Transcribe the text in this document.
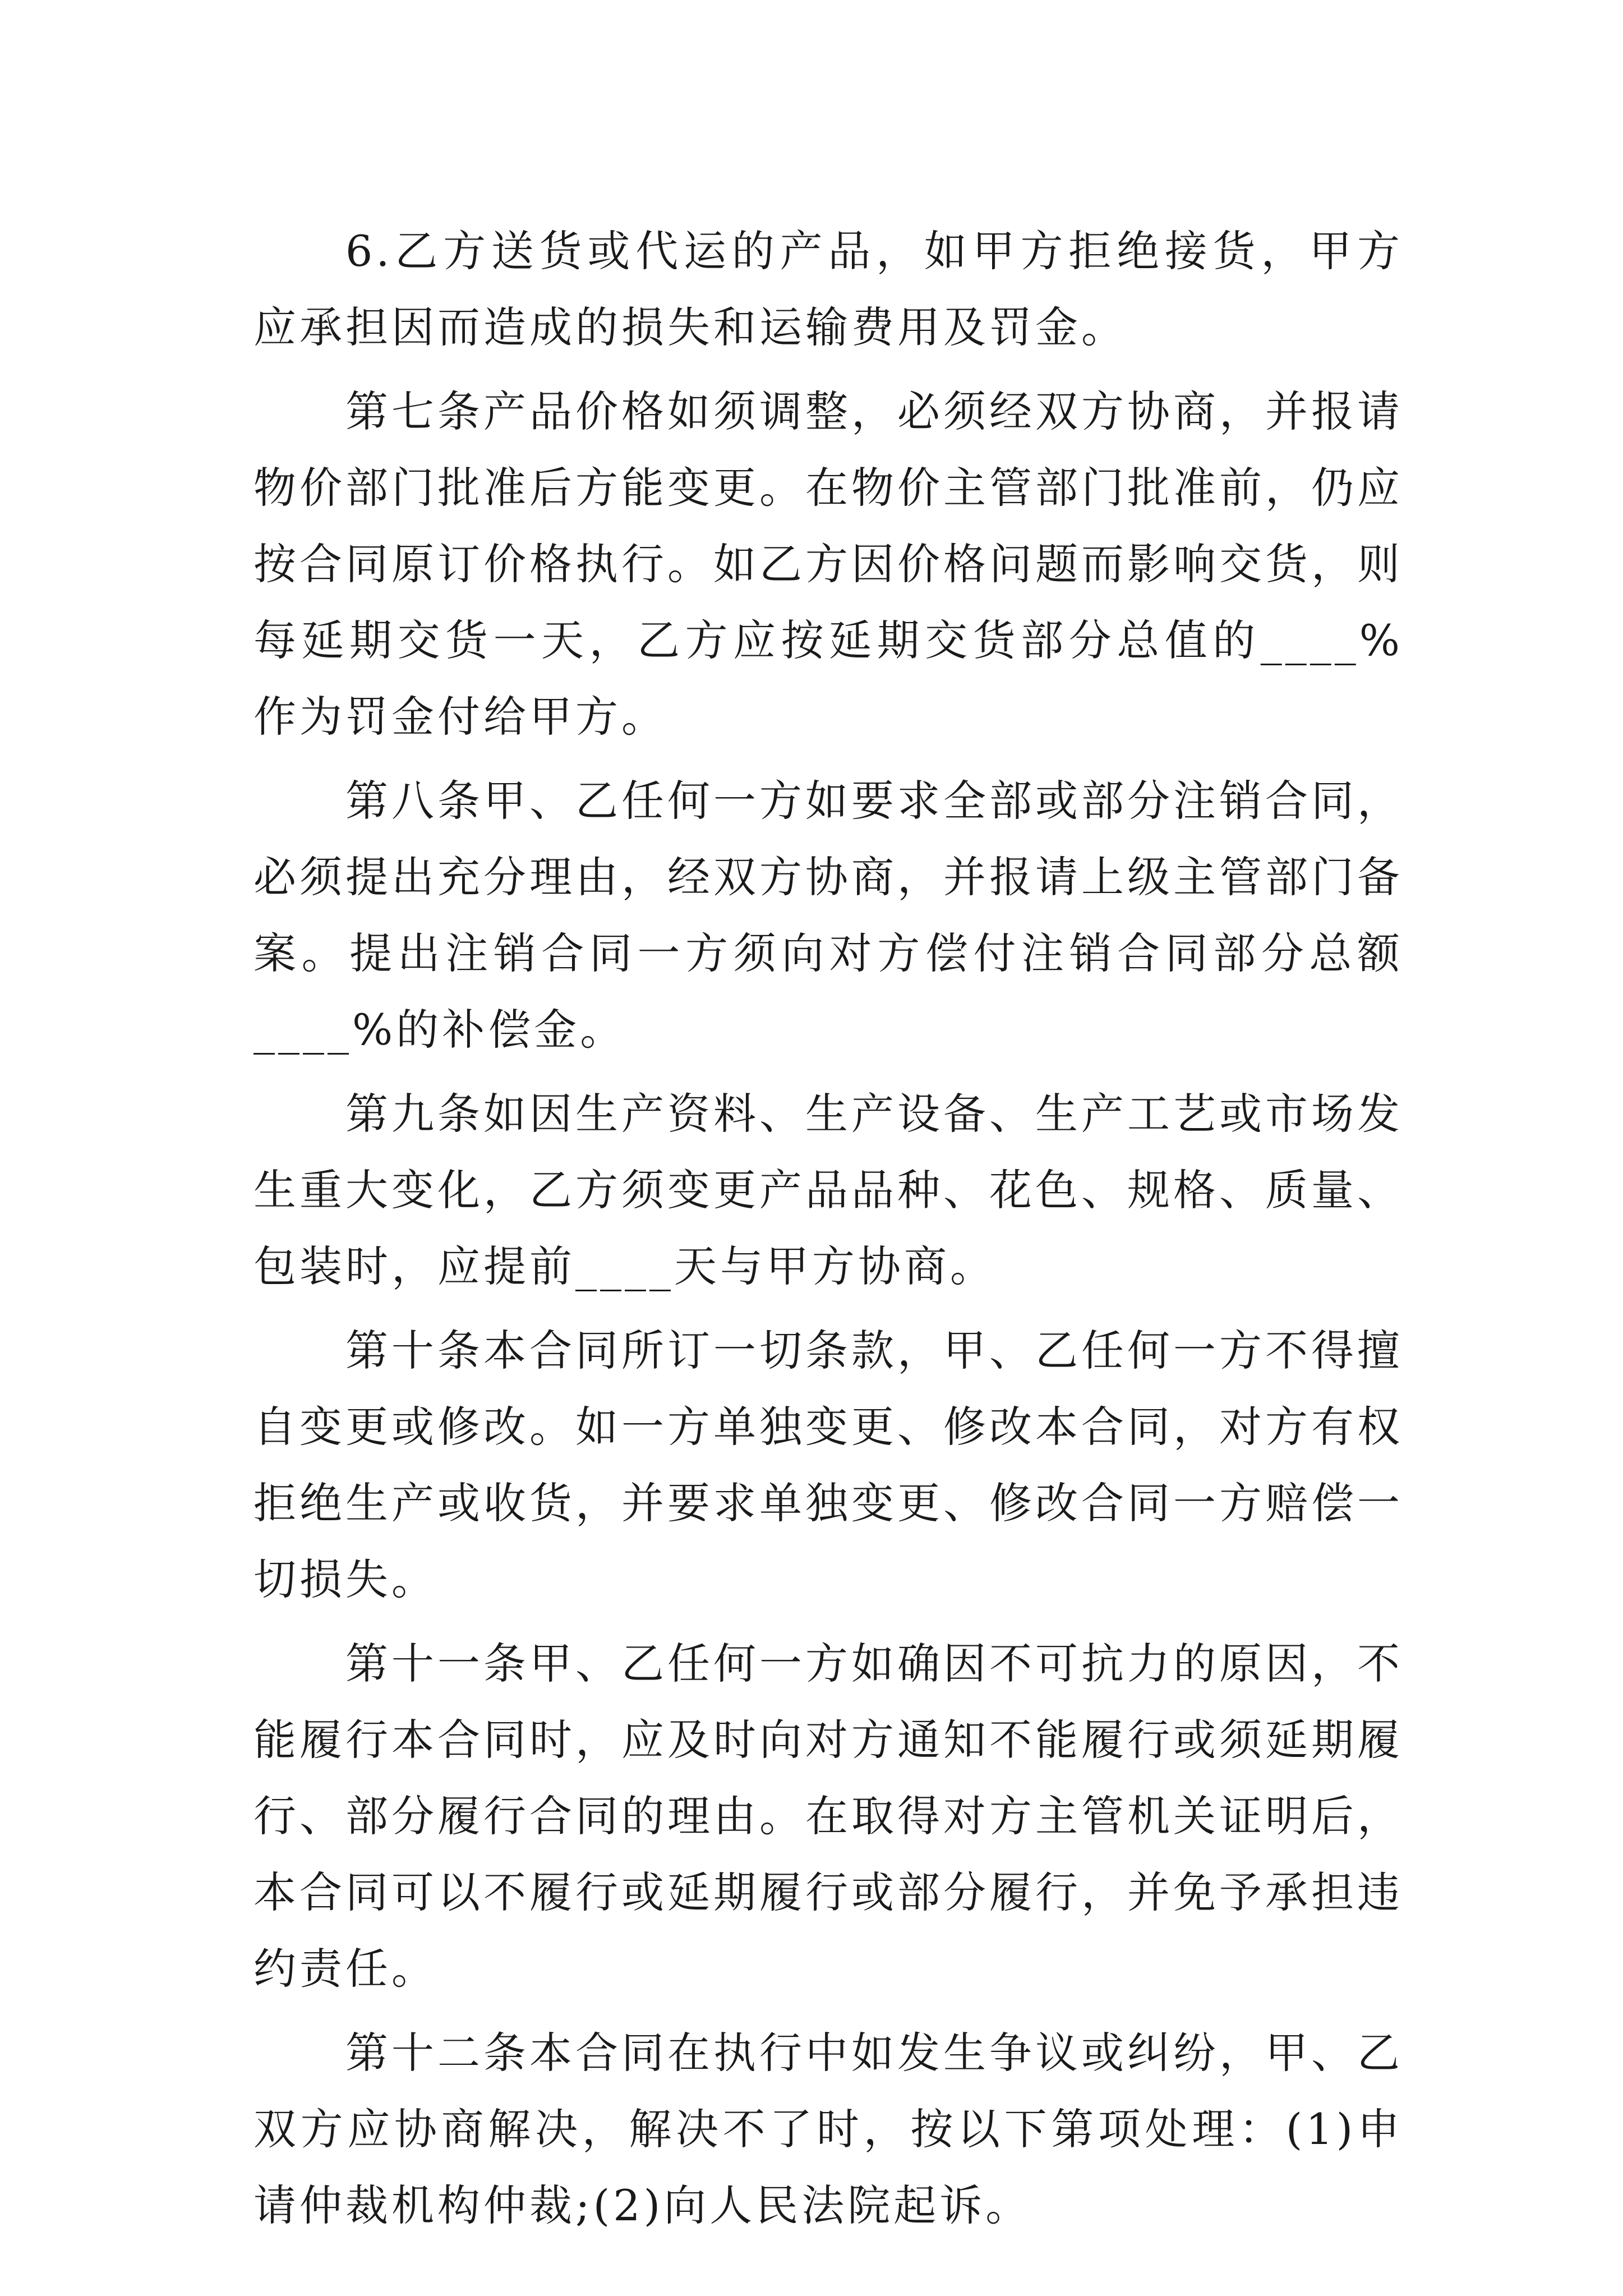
6.乙方送货或代运的产品，如甲方拒绝接货，甲方应承担因而造成的损失和运输费用及罚金。

第七条产品价格如须调整，必须经双方协商，并报请物价部门批准后方能变更。在物价主管部门批准前，仍应按合同原订价格执行。如乙方因价格问题而影响交货，则每延期交货一天，乙方应按延期交货部分总值的____%作为罚金付给甲方。

第八条甲、乙任何一方如要求全部或部分注销合同，必须提出充分理由，经双方协商，并报请上级主管部门备案。提出注销合同一方须向对方偿付注销合同部分总额____%的补偿金。

第九条如因生产资料、生产设备、生产工艺或市场发生重大变化，乙方须变更产品品种、花色、规格、质量、包装时，应提前____天与甲方协商。

第十条本合同所订一切条款，甲、乙任何一方不得擅自变更或修改。如一方单独变更、修改本合同，对方有权拒绝生产或收货，并要求单独变更、修改合同一方赔偿一切损失。

第十一条甲、乙任何一方如确因不可抗力的原因，不能履行本合同时，应及时向对方通知不能履行或须延期履行、部分履行合同的理由。在取得对方主管机关证明后，本合同可以不履行或延期履行或部分履行，并免予承担违约责任。

第十二条本合同在执行中如发生争议或纠纷，甲、乙双方应协商解决，解决不了时，按以下第项处理：(1)申请仲裁机构仲裁;(2)向人民法院起诉。
